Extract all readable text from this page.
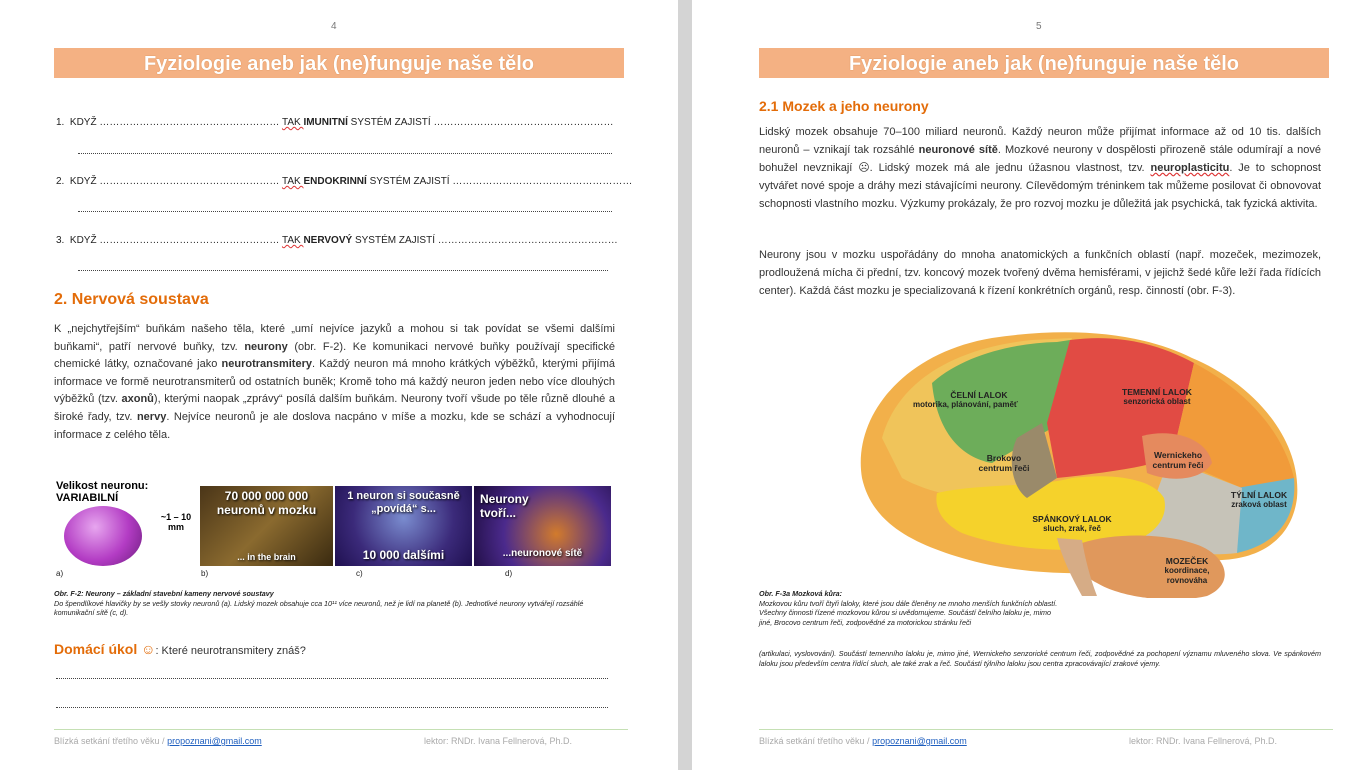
4
Fyziologie aneb jak (ne)funguje naše tělo
1. KDYŽ ……………………………………………… TAK IMUNITNÍ SYSTÉM ZAJISTÍ ………………………………………………
2. KDYŽ ……………………………………………… TAK ENDOKRINNÍ SYSTÉM ZAJISTÍ ………………………………………………
3. KDYŽ ……………………………………………… TAK NERVOVÝ SYSTÉM ZAJISTÍ ………………………………………………
2. Nervová soustava
K „nejchytřejším“ buňkám našeho těla, které „umí nejvíce jazyků a mohou si tak povídat se všemi dalšími buňkami“, patří nervové buňky, tzv. neurony (obr. F-2). Ke komunikaci nervové buňky používají specifické chemické látky, označované jako neurotransmitery. Každý neuron má mnoho krátkých výběžků, kterými přijímá informace ve formě neurotransmiterů od ostatních buněk; Kromě toho má každý neuron jeden nebo více dlouhých výběžků (tzv. axonů), kterými naopak „zprávy“ posílá dalším buňkám. Neurony tvoří všude po těle různě dlouhé a široké řady, tzv. nervy. Nejvíce neuronů je ale doslova nacpáno v míše a mozku, kde se schází a vyhodnocují informace z celého těla.
Velikost neuronu: VARIABILNÍ
~1 – 10 mm
70 000 000 000 neuronů v mozku
... in the brain
1 neuron si současně „povídá“ s...
10 000 dalšími
Neurony tvoří...
...neuronové sítě
a)	b)	c)	d)
Obr. F-2: Neurony – základní stavební kameny nervové soustavy
Do špendlíkové hlavičky by se vešly stovky neuronů (a). Lidský mozek obsahuje cca 10¹¹ více neuronů, než je lidí na planetě (b). Jednotlivé neurony vytvářejí rozsáhlé komunikační sítě (c, d).
Domácí úkol ☺: Které neurotransmitery znáš?
Blízká setkání třetího věku / propoznani@gmail.com	lektor: RNDr. Ivana Fellnerová, Ph.D.
5
Fyziologie aneb jak (ne)funguje naše tělo
2.1 Mozek a jeho neurony
Lidský mozek obsahuje 70–100 miliard neuronů. Každý neuron může přijímat informace až od 10 tis. dalších neuronů – vznikají tak rozsáhlé neuronové sítě. Mozkové neurony v dospělosti přirozeně stále odumírají a nové bohužel nevznikají ☹. Lidský mozek má ale jednu úžasnou vlastnost, tzv. neuroplasticitu. Je to schopnost vytvářet nové spoje a dráhy mezi stávajícími neurony. Cílevědomým tréninkem tak můžeme posilovat či obnovovat schopnosti vlastního mozku. Výzkumy prokázaly, že pro rozvoj mozku je důležitá jak psychická, tak fyzická aktivita.
Neurony jsou v mozku uspořádány do mnoha anatomických a funkčních oblastí (např. mozeček, mezimozek, prodloužená mícha či přední, tzv. koncový mozek tvořený dvěma hemisférami, v jejichž šedé kůře leží řada řídících center). Každá část mozku je specializovaná k řízení konkrétních orgánů, resp. činností (obr. F-3).
ČELNÍ LALOK
motorika, plánování, paměť
TEMENNÍ LALOK
senzorická oblast
Brokovo centrum řeči
Wernickeho centrum řeči
TÝLNÍ LALOK
zraková oblast
SPÁNKOVÝ LALOK
sluch, zrak, řeč
MOZEČEK
koordinace, rovnováha
Obr. F-3a Mozková kůra:
Mozkovou kůru tvoří čtyři laloky, které jsou dále členěny ne mnoho menších funkčních oblastí. Všechny činnosti řízené mozkovou kůrou si uvědomujeme. Součástí čelního laloku je, mimo jiné, Brocovo centrum řeči, zodpovědné za motorickou stránku řeči
(artikulaci, vyslovování). Součástí temenního laloku je, mimo jiné, Wernickeho senzorické centrum řeči, zodpovědné za pochopení významu mluveného slova. Ve spánkovém laloku jsou především centra řídící sluch, ale také zrak a řeč. Součástí týlního laloku jsou centra zpracovávající zrakové vjemy.
Blízká setkání třetího věku / propoznani@gmail.com	lektor: RNDr. Ivana Fellnerová, Ph.D.
